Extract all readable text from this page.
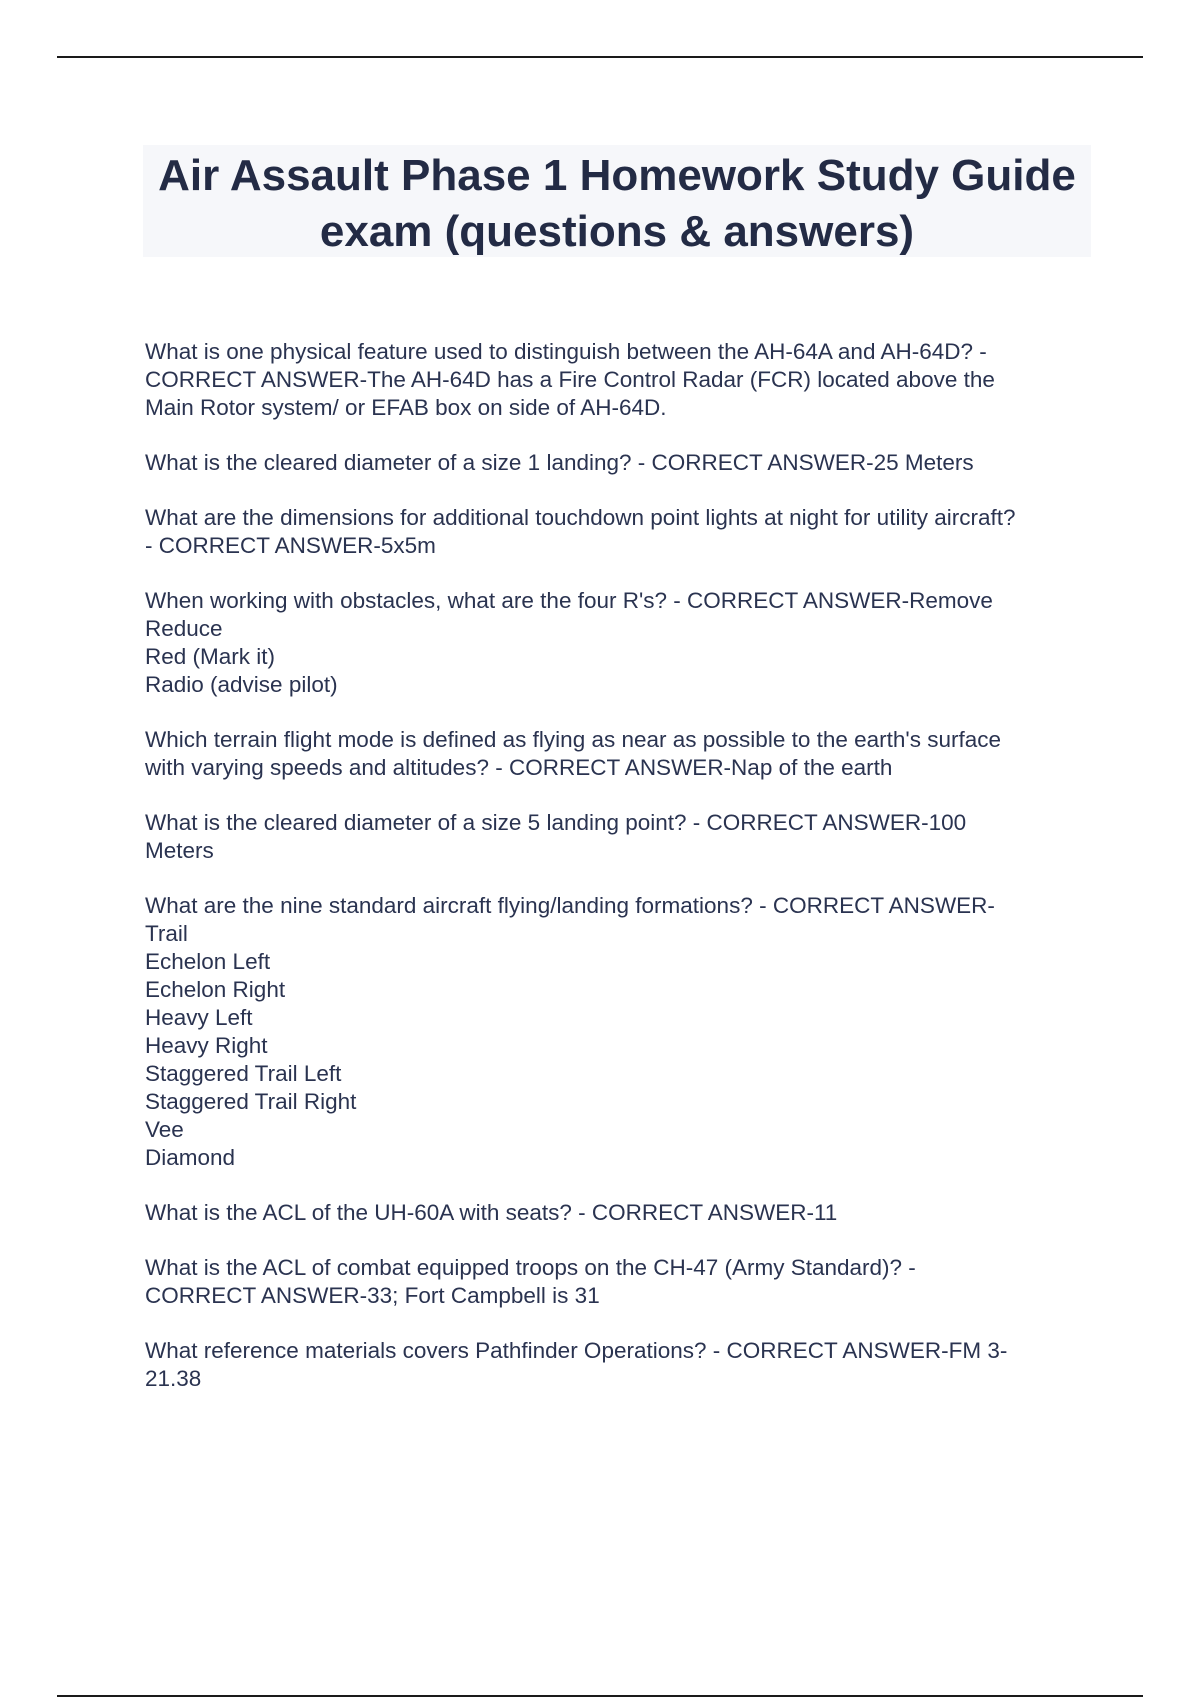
Air Assault Phase 1 Homework Study Guide exam (questions & answers)

What is one physical feature used to distinguish between the AH-64A and AH-64D? -
CORRECT ANSWER-The AH-64D has a Fire Control Radar (FCR) located above the
Main Rotor system/ or EFAB box on side of AH-64D.

What is the cleared diameter of a size 1 landing? - CORRECT ANSWER-25 Meters

What are the dimensions for additional touchdown point lights at night for utility aircraft?
- CORRECT ANSWER-5x5m

When working with obstacles, what are the four R's? - CORRECT ANSWER-Remove
Reduce
Red (Mark it)
Radio (advise pilot)

Which terrain flight mode is defined as flying as near as possible to the earth's surface
with varying speeds and altitudes? - CORRECT ANSWER-Nap of the earth

What is the cleared diameter of a size 5 landing point? - CORRECT ANSWER-100
Meters

What are the nine standard aircraft flying/landing formations? - CORRECT ANSWER-
Trail
Echelon Left
Echelon Right
Heavy Left
Heavy Right
Staggered Trail Left
Staggered Trail Right
Vee
Diamond

What is the ACL of the UH-60A with seats? - CORRECT ANSWER-11

What is the ACL of combat equipped troops on the CH-47 (Army Standard)? -
CORRECT ANSWER-33; Fort Campbell is 31

What reference materials covers Pathfinder Operations? - CORRECT ANSWER-FM 3-
21.38
